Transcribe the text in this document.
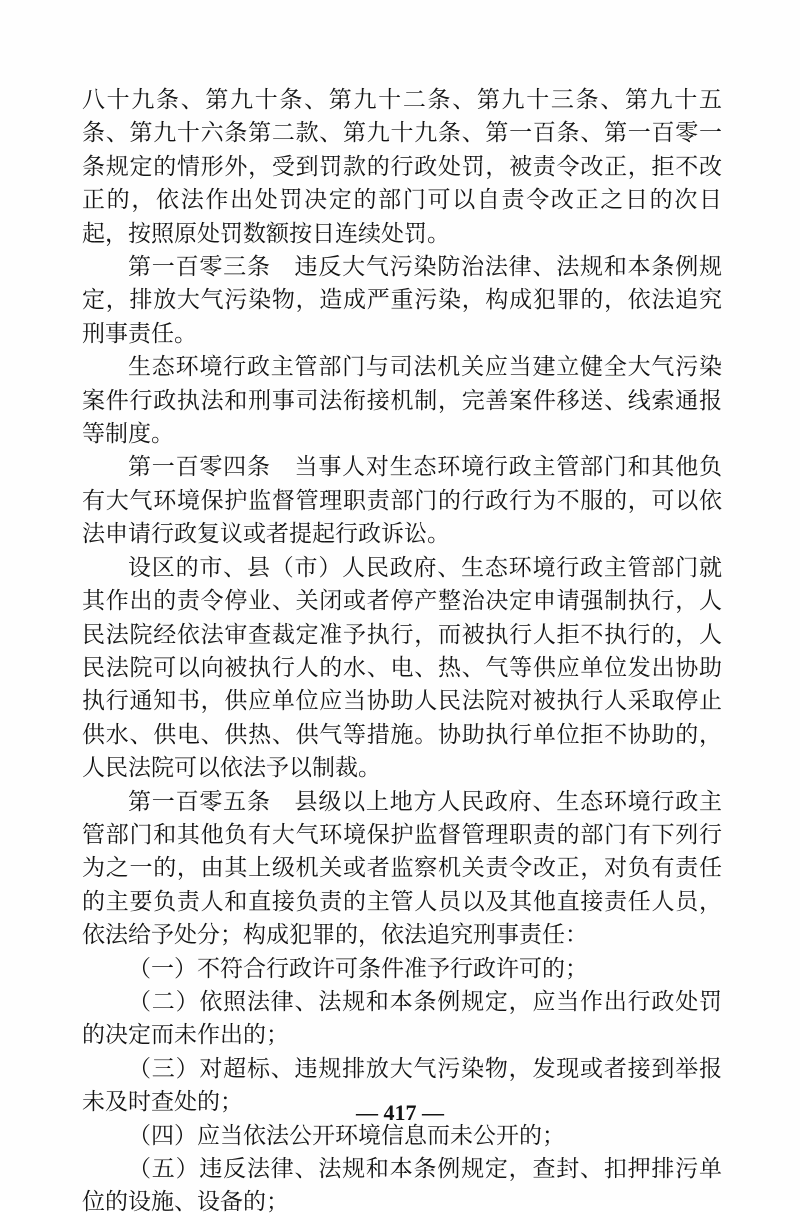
八十九条、第九十条、第九十二条、第九十三条、第九十五条、第九十六条第二款、第九十九条、第一百条、第一百零一条规定的情形外，受到罚款的行政处罚，被责令改正，拒不改正的，依法作出处罚决定的部门可以自责令改正之日的次日起，按照原处罚数额按日连续处罚。

第一百零三条　违反大气污染防治法律、法规和本条例规定，排放大气污染物，造成严重污染，构成犯罪的，依法追究刑事责任。

生态环境行政主管部门与司法机关应当建立健全大气污染案件行政执法和刑事司法衔接机制，完善案件移送、线索通报等制度。

第一百零四条　当事人对生态环境行政主管部门和其他负有大气环境保护监督管理职责部门的行政行为不服的，可以依法申请行政复议或者提起行政诉讼。

设区的市、县（市）人民政府、生态环境行政主管部门就其作出的责令停业、关闭或者停产整治决定申请强制执行，人民法院经依法审查裁定准予执行，而被执行人拒不执行的，人民法院可以向被执行人的水、电、热、气等供应单位发出协助执行通知书，供应单位应当协助人民法院对被执行人采取停止供水、供电、供热、供气等措施。协助执行单位拒不协助的，人民法院可以依法予以制裁。

第一百零五条　县级以上地方人民政府、生态环境行政主管部门和其他负有大气环境保护监督管理职责的部门有下列行为之一的，由其上级机关或者监察机关责令改正，对负有责任的主要负责人和直接负责的主管人员以及其他直接责任人员，依法给予处分；构成犯罪的，依法追究刑事责任：

（一）不符合行政许可条件准予行政许可的；

（二）依照法律、法规和本条例规定，应当作出行政处罚的决定而未作出的；

（三）对超标、违规排放大气污染物，发现或者接到举报未及时查处的；

（四）应当依法公开环境信息而未公开的；

（五）违反法律、法规和本条例规定，查封、扣押排污单位的设施、设备的；

— 417 —
